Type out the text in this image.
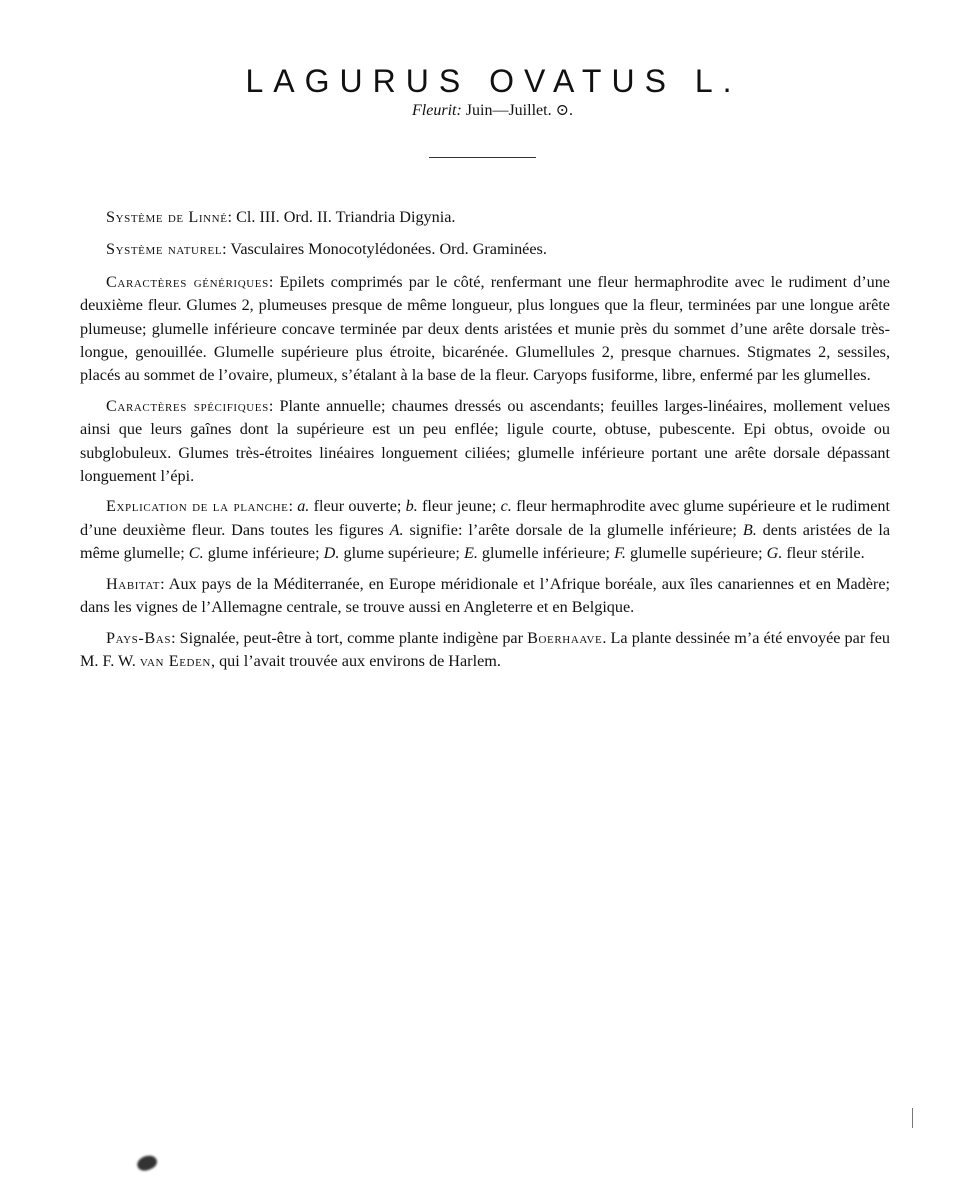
LAGURUS OVATUS L.
Fleurit: Juin—Juillet. ⊙.

Système de Linné: Cl. III. Ord. II. Triandria Digynia.

Système naturel: Vasculaires Monocotylédonées. Ord. Graminées.

Caractères génériques: Epilets comprimés par le côté, renfermant une fleur hermaphrodite avec le rudiment d’une deuxième fleur. Glumes 2, plumeuses presque de même longueur, plus longues que la fleur, terminées par une longue arête plumeuse; glumelle inférieure concave terminée par deux dents aristées et munie près du sommet d’une arête dorsale très-longue, genouillée. Glumelle supérieure plus étroite, bicarénée. Glumellules 2, presque charnues. Stigmates 2, sessiles, placés au sommet de l’ovaire, plumeux, s’étalant à la base de la fleur. Caryops fusiforme, libre, enfermé par les glumelles.

Caractères spécifiques: Plante annuelle; chaumes dressés ou ascendants; feuilles larges-linéaires, mollement velues ainsi que leurs gaînes dont la supérieure est un peu enflée; ligule courte, obtuse, pubescente. Epi obtus, ovoide ou subglobuleux. Glumes très-étroites linéaires longuement ciliées; glumelle inférieure portant une arête dorsale dépassant longuement l’épi.

Explication de la planche: a. fleur ouverte; b. fleur jeune; c. fleur hermaphrodite avec glume supérieure et le rudiment d’une deuxième fleur. Dans toutes les figures A. signifie: l’arête dorsale de la glumelle inférieure; B. dents aristées de la même glumelle; C. glume inférieure; D. glume supérieure; E. glumelle inférieure; F. glumelle supérieure; G. fleur stérile.

Habitat: Aux pays de la Méditerranée, en Europe méridionale et l’Afrique boréale, aux îles canariennes et en Madère; dans les vignes de l’Allemagne centrale, se trouve aussi en Angleterre et en Belgique.

Pays-Bas: Signalée, peut-être à tort, comme plante indigène par Boerhaave. La plante dessinée m’a été envoyée par feu M. F. W. van Eeden, qui l’avait trouvée aux environs de Harlem.
